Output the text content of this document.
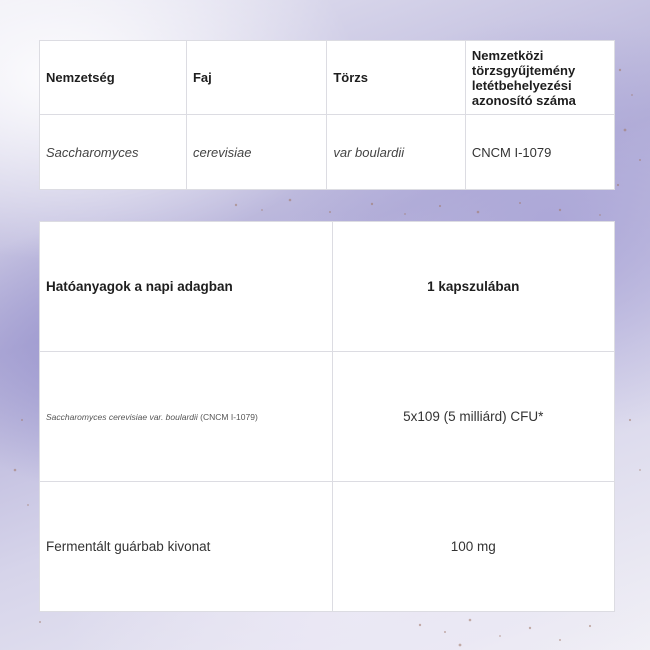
Nemzetség	Faj	Törzs	Nemzetközi törzsgyűjtemény letétbehelyezési azonosító száma
Saccharomyces	cerevisiae	var boulardii	CNCM I-1079
Hatóanyagok a napi adagban	1 kapszulában
Saccharomyces cerevisiae var. boulardii (CNCM I-1079)	5x109 (5 milliárd) CFU*
Fermentált guárbab kivonat	100 mg
